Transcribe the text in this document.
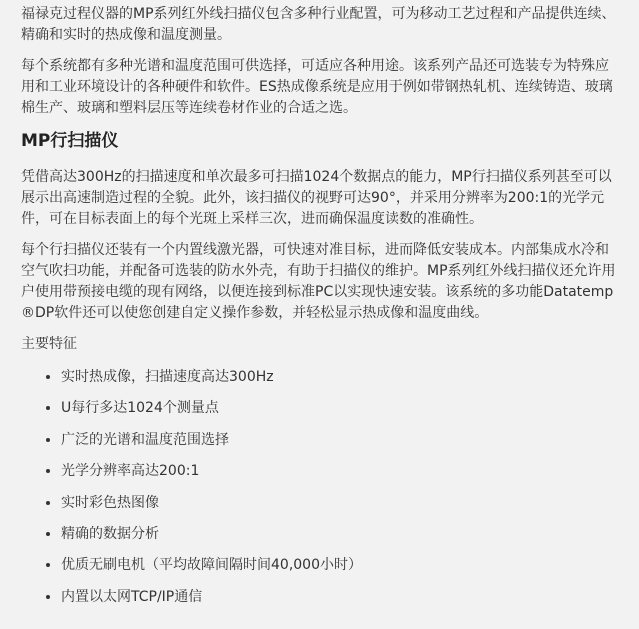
福禄克过程仪器的MP系列红外线扫描仪包含多种行业配置，可为移动工艺过程和产品提供连续、精确和实时的热成像和温度测量。

每个系统都有多种光谱和温度范围可供选择，可适应各种用途。该系列产品还可选装专为特殊应用和工业环境设计的各种硬件和软件。ES热成像系统是应用于例如带钢热轧机、连续铸造、玻璃棉生产、玻璃和塑料层压等连续卷材作业的合适之选。

MP行扫描仪

凭借高达300Hz的扫描速度和单次最多可扫描1024个数据点的能力，MP行扫描仪系列甚至可以展示出高速制造过程的全貌。此外，该扫描仪的视野可达90°，并采用分辨率为200:1的光学元件，可在目标表面上的每个光斑上采样三次，进而确保温度读数的准确性。

每个行扫描仪还装有一个内置线激光器，可快速对准目标，进而降低安装成本。内部集成水冷和空气吹扫功能，并配备可选装的防水外壳，有助于扫描仪的维护。MP系列红外线扫描仪还允许用户使用带预接电缆的现有网络，以便连接到标准PC以实现快速安装。该系统的多功能Datatemp®DP软件还可以使您创建自定义操作参数，并轻松显示热成像和温度曲线。

主要特征
• 实时热成像，扫描速度高达300Hz
• U每行多达1024个测量点
• 广泛的光谱和温度范围选择
• 光学分辨率高达200:1
• 实时彩色热图像
• 精确的数据分析
• 优质无刷电机（平均故障间隔时间40,000小时）
• 内置以太网TCP/IP通信
